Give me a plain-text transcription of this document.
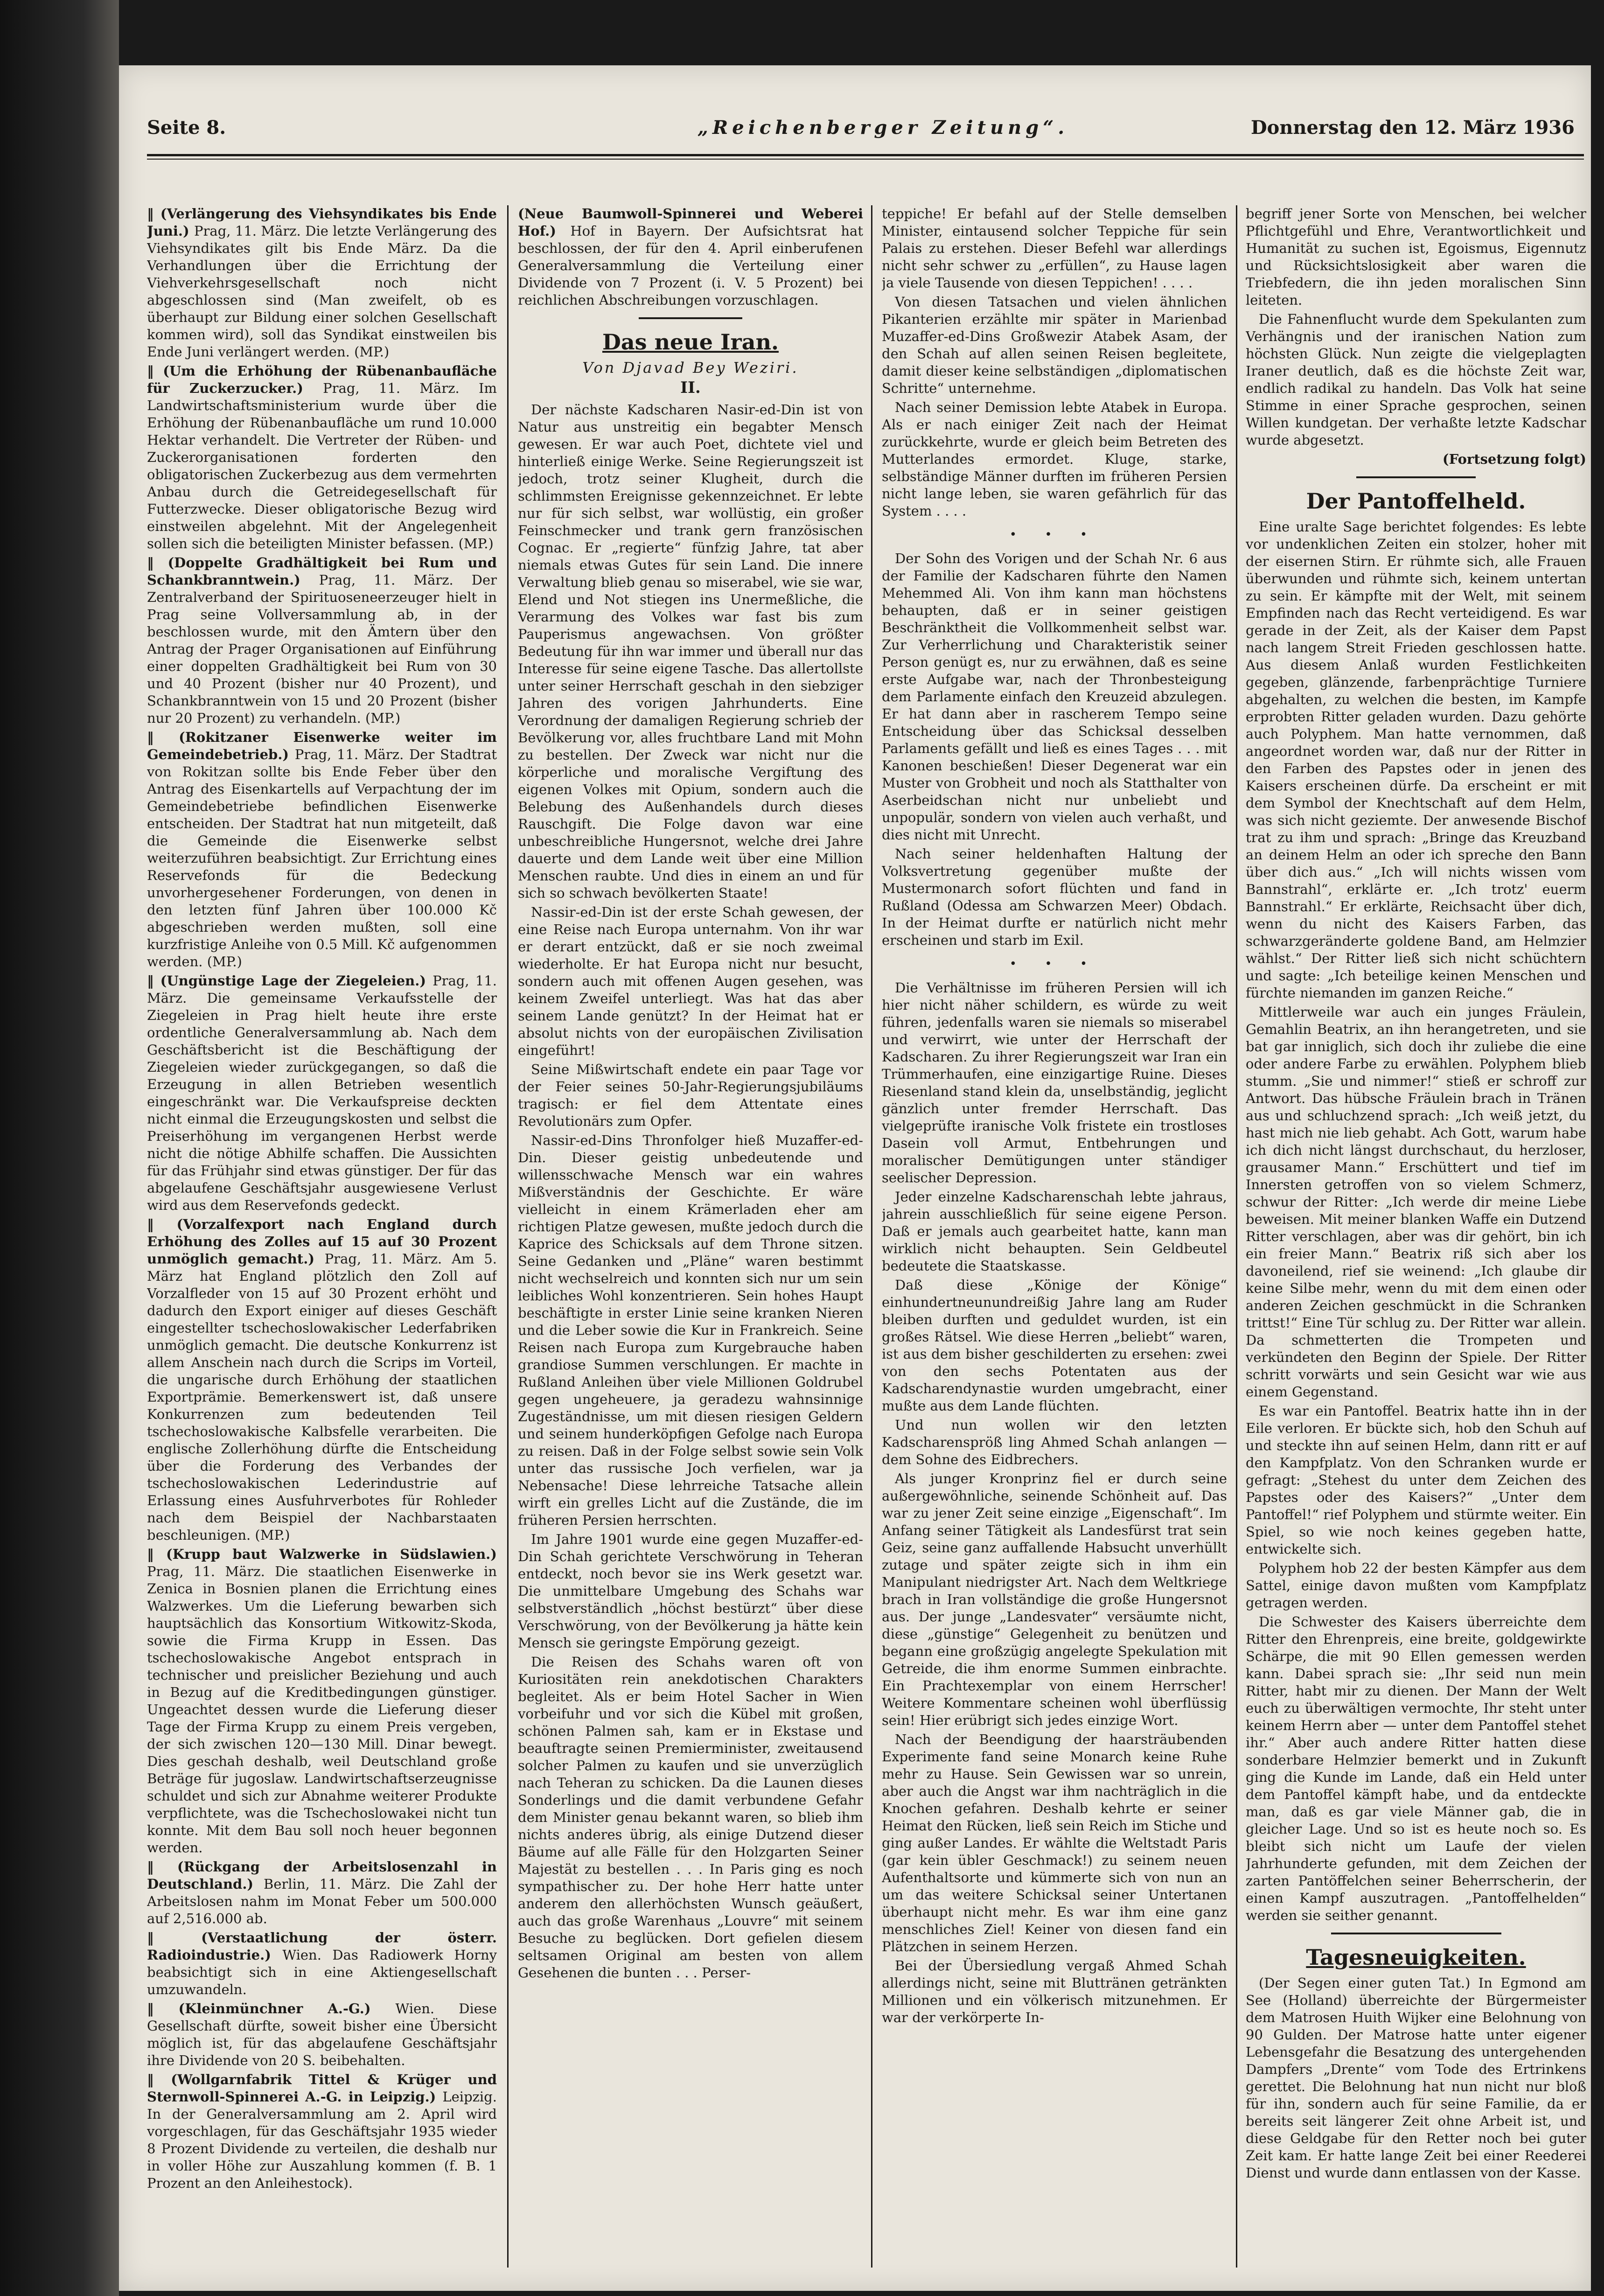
Seite 8.	„Reichenberger Zeitung“.	Donnerstag den 12. März 1936

‖ (Verlängerung des Viehsyndikates bis Ende Juni.) Prag, 11. März. Die letzte Verlängerung des Viehsyndikates gilt bis Ende März. Da die Verhandlungen über die Errichtung der Viehverkehrsgesellschaft noch nicht abgeschlossen sind (Man zweifelt, ob es überhaupt zur Bildung einer solchen Gesellschaft kommen wird), soll das Syndikat einstweilen bis Ende Juni verlängert werden. (MP.)

‖ (Um die Erhöhung der Rübenanbaufläche für Zuckerzucker.) Prag, 11. März. Im Landwirtschaftsministerium wurde über die Erhöhung der Rübenanbaufläche um rund 10.000 Hektar verhandelt. Die Vertreter der Rüben- und Zuckerorganisationen forderten den obligatorischen Zuckerbezug aus dem vermehrten Anbau durch die Getreidegesellschaft für Futterzwecke. Dieser obligatorische Bezug wird einstweilen abgelehnt. Mit der Angelegenheit sollen sich die beteiligten Minister befassen. (MP.)

‖ (Doppelte Gradhältigkeit bei Rum und Schankbranntwein.) Prag, 11. März. Der Zentralverband der Spirituoseneerzeuger hielt in Prag seine Vollversammlung ab, in der beschlossen wurde, mit den Ämtern über den Antrag der Prager Organisationen auf Einführung einer doppelten Gradhältigkeit bei Rum von 30 und 40 Prozent (bisher nur 40 Prozent), und Schankbranntwein von 15 und 20 Prozent (bisher nur 20 Prozent) zu verhandeln. (MP.)

‖ (Rokitzaner Eisenwerke weiter im Gemeindebetrieb.) Prag, 11. März. Der Stadtrat von Rokitzan sollte bis Ende Feber über den Antrag des Eisenkartells auf Verpachtung der im Gemeindebetriebe befindlichen Eisenwerke entscheiden. Der Stadtrat hat nun mitgeteilt, daß die Gemeinde die Eisenwerke selbst weiterzuführen beabsichtigt. Zur Errichtung eines Reservefonds für die Bedeckung unvorhergesehener Forderungen, von denen in den letzten fünf Jahren über 100.000 Kč abgeschrieben werden mußten, soll eine kurzfristige Anleihe von 0.5 Mill. Kč aufgenommen werden. (MP.)

‖ (Ungünstige Lage der Ziegeleien.) Prag, 11. März. Die gemeinsame Verkaufsstelle der Ziegeleien in Prag hielt heute ihre erste ordentliche Generalversammlung ab. Nach dem Geschäftsbericht ist die Beschäftigung der Ziegeleien wieder zurückgegangen, so daß die Erzeugung in allen Betrieben wesentlich eingeschränkt war. Die Verkaufspreise deckten nicht einmal die Erzeugungskosten und selbst die Preiserhöhung im vergangenen Herbst werde nicht die nötige Abhilfe schaffen. Die Aussichten für das Frühjahr sind etwas günstiger. Der für das abgelaufene Geschäftsjahr ausgewiesene Verlust wird aus dem Reservefonds gedeckt.

‖ (Vorzalfexport nach England durch Erhöhung des Zolles auf 15 auf 30 Prozent unmöglich gemacht.) Prag, 11. März. Am 5. März hat England plötzlich den Zoll auf Vorzalfleder von 15 auf 30 Prozent erhöht und dadurch den Export einiger auf dieses Geschäft eingestellter tschechoslowakischer Lederfabriken unmöglich gemacht. Die deutsche Konkurrenz ist allem Anschein nach durch die Scrips im Vorteil, die ungarische durch Erhöhung der staatlichen Exportprämie. Bemerkenswert ist, daß unsere Konkurrenzen zum bedeutenden Teil tschechoslowakische Kalbsfelle verarbeiten. Die englische Zollerhöhung dürfte die Entscheidung über die Forderung des Verbandes der tschechoslowakischen Lederindustrie auf Erlassung eines Ausfuhrverbotes für Rohleder nach dem Beispiel der Nachbarstaaten beschleunigen. (MP.)

‖ (Krupp baut Walzwerke in Südslawien.) Prag, 11. März. Die staatlichen Eisenwerke in Zenica in Bosnien planen die Errichtung eines Walzwerkes. Um die Lieferung bewarben sich hauptsächlich das Konsortium Witkowitz-Skoda, sowie die Firma Krupp in Essen. Das tschechoslowakische Angebot entsprach in technischer und preislicher Beziehung und auch in Bezug auf die Kreditbedingungen günstiger. Ungeachtet dessen wurde die Lieferung dieser Tage der Firma Krupp zu einem Preis vergeben, der sich zwischen 120—130 Mill. Dinar bewegt. Dies geschah deshalb, weil Deutschland große Beträge für jugoslaw. Landwirtschaftserzeugnisse schuldet und sich zur Abnahme weiterer Produkte verpflichtete, was die Tschechoslowakei nicht tun konnte. Mit dem Bau soll noch heuer begonnen werden.

‖ (Rückgang der Arbeitslosenzahl in Deutschland.) Berlin, 11. März. Die Zahl der Arbeitslosen nahm im Monat Feber um 500.000 auf 2,516.000 ab.

‖ (Verstaatlichung der österr. Radioindustrie.) Wien. Das Radiowerk Horny beabsichtigt sich in eine Aktiengesellschaft umzuwandeln.

‖ (Kleinmünchner A.-G.) Wien. Diese Gesellschaft dürfte, soweit bisher eine Übersicht möglich ist, für das abgelaufene Geschäftsjahr ihre Dividende von 20 S. beibehalten.

‖ (Wollgarnfabrik Tittel & Krüger und Sternwoll-Spinnerei A.-G. in Leipzig.) Leipzig. In der Generalversammlung am 2. April wird vorgeschlagen, für das Geschäftsjahr 1935 wieder 8 Prozent Dividende zu verteilen, die deshalb nur in voller Höhe zur Auszahlung kommen (f. B. 1 Prozent an den Anleihestock).

(Neue Baumwoll-Spinnerei und Weberei Hof.) Hof in Bayern. Der Aufsichtsrat hat beschlossen, der für den 4. April einberufenen Generalversammlung die Verteilung einer Dividende von 7 Prozent (i. V. 5 Prozent) bei reichlichen Abschreibungen vorzuschlagen.

Das neue Iran.
Von Djavad Bey Weziri.
II.

Der nächste Kadscharen Nasir-ed-Din ist von Natur aus unstreitig ein begabter Mensch gewesen. Er war auch Poet, dichtete viel und hinterließ einige Werke. Seine Regierungszeit ist jedoch, trotz seiner Klugheit, durch die schlimmsten Ereignisse gekennzeichnet. Er lebte nur für sich selbst, war wollüstig, ein großer Feinschmecker und trank gern französischen Cognac. Er „regierte“ fünfzig Jahre, tat aber niemals etwas Gutes für sein Land. Die innere Verwaltung blieb genau so miserabel, wie sie war, Elend und Not stiegen ins Unermeßliche, die Verarmung des Volkes war fast bis zum Pauperismus angewachsen. Von größter Bedeutung für ihn war immer und überall nur das Interesse für seine eigene Tasche. Das allertollste unter seiner Herrschaft geschah in den siebziger Jahren des vorigen Jahrhunderts. Eine Verordnung der damaligen Regierung schrieb der Bevölkerung vor, alles fruchtbare Land mit Mohn zu bestellen. Der Zweck war nicht nur die körperliche und moralische Vergiftung des eigenen Volkes mit Opium, sondern auch die Belebung des Außenhandels durch dieses Rauschgift. Die Folge davon war eine unbeschreibliche Hungersnot, welche drei Jahre dauerte und dem Lande weit über eine Million Menschen raubte. Und dies in einem an und für sich so schwach bevölkerten Staate!

Nassir-ed-Din ist der erste Schah gewesen, der eine Reise nach Europa unternahm. Von ihr war er derart entzückt, daß er sie noch zweimal wiederholte. Er hat Europa nicht nur besucht, sondern auch mit offenen Augen gesehen, was keinem Zweifel unterliegt. Was hat das aber seinem Lande genützt? In der Heimat hat er absolut nichts von der europäischen Zivilisation eingeführt!

Seine Mißwirtschaft endete ein paar Tage vor der Feier seines 50-Jahr-Regierungsjubiläums tragisch: er fiel dem Attentate eines Revolutionärs zum Opfer.

Nassir-ed-Dins Thronfolger hieß Muzaffer-ed-Din. Dieser geistig unbedeutende und willensschwache Mensch war ein wahres Mißverständnis der Geschichte. Er wäre vielleicht in einem Krämerladen eher am richtigen Platze gewesen, mußte jedoch durch die Kaprice des Schicksals auf dem Throne sitzen. Seine Gedanken und „Pläne“ waren bestimmt nicht wechselreich und konnten sich nur um sein leibliches Wohl konzentrieren. Sein hohes Haupt beschäftigte in erster Linie seine kranken Nieren und die Leber sowie die Kur in Frankreich. Seine Reisen nach Europa zum Kurgebrauche haben grandiose Summen verschlungen. Er machte in Rußland Anleihen über viele Millionen Goldrubel gegen ungeheuere, ja geradezu wahnsinnige Zugeständnisse, um mit diesen riesigen Geldern und seinem hunderköpfigen Gefolge nach Europa zu reisen. Daß in der Folge selbst sowie sein Volk unter das russische Joch verfielen, war ja Nebensache! Diese lehrreiche Tatsache allein wirft ein grelles Licht auf die Zustände, die im früheren Persien herrschten.

Im Jahre 1901 wurde eine gegen Muzaffer-ed-Din Schah gerichtete Verschwörung in Teheran entdeckt, noch bevor sie ins Werk gesetzt war. Die unmittelbare Umgebung des Schahs war selbstverständlich „höchst bestürzt“ über diese Verschwörung, von der Bevölkerung ja hätte kein Mensch sie geringste Empörung gezeigt.

Die Reisen des Schahs waren oft von Kuriositäten rein anekdotischen Charakters begleitet. Als er beim Hotel Sacher in Wien vorbeifuhr und vor sich die Kübel mit großen, schönen Palmen sah, kam er in Ekstase und beauftragte seinen Premierminister, zweitausend solcher Palmen zu kaufen und sie unverzüglich nach Teheran zu schicken. Da die Launen dieses Sonderlings und die damit verbundene Gefahr dem Minister genau bekannt waren, so blieb ihm nichts anderes übrig, als einige Dutzend dieser Bäume auf alle Fälle für den Holzgarten Seiner Majestät zu bestellen . . . In Paris ging es noch sympathischer zu. Der hohe Herr hatte unter anderem den allerhöchsten Wunsch geäußert, auch das große Warenhaus „Louvre“ mit seinem Besuche zu beglücken. Dort gefielen diesem seltsamen Original am besten von allem Gesehenen die bunten . . . Perser-

teppiche! Er befahl auf der Stelle demselben Minister, eintausend solcher Teppiche für sein Palais zu erstehen. Dieser Befehl war allerdings nicht sehr schwer zu „erfüllen“, zu Hause lagen ja viele Tausende von diesen Teppichen! . . . .

Von diesen Tatsachen und vielen ähnlichen Pikanterien erzählte mir später in Marienbad Muzaffer-ed-Dins Großwezir Atabek Asam, der den Schah auf allen seinen Reisen begleitete, damit dieser keine selbständigen „diplomatischen Schritte“ unternehme.

Nach seiner Demission lebte Atabek in Europa. Als er nach einiger Zeit nach der Heimat zurückkehrte, wurde er gleich beim Betreten des Mutterlandes ermordet. Kluge, starke, selbständige Männer durften im früheren Persien nicht lange leben, sie waren gefährlich für das System . . . .

• • •

Der Sohn des Vorigen und der Schah Nr. 6 aus der Familie der Kadscharen führte den Namen Mehemmed Ali. Von ihm kann man höchstens behaupten, daß er in seiner geistigen Beschränktheit die Vollkommenheit selbst war. Zur Verherrlichung und Charakteristik seiner Person genügt es, nur zu erwähnen, daß es seine erste Aufgabe war, nach der Thronbesteigung dem Parlamente einfach den Kreuzeid abzulegen. Er hat dann aber in rascherem Tempo seine Entscheidung über das Schicksal desselben Parlaments gefällt und ließ es eines Tages . . . mit Kanonen beschießen! Dieser Degenerat war ein Muster von Grobheit und noch als Statthalter von Aserbeidschan nicht nur unbeliebt und unpopulär, sondern von vielen auch verhaßt, und dies nicht mit Unrecht.

Nach seiner heldenhaften Haltung der Volksvertretung gegenüber mußte der Mustermonarch sofort flüchten und fand in Rußland (Odessa am Schwarzen Meer) Obdach. In der Heimat durfte er natürlich nicht mehr erscheinen und starb im Exil.

• • •

Die Verhältnisse im früheren Persien will ich hier nicht näher schildern, es würde zu weit führen, jedenfalls waren sie niemals so miserabel und verwirrt, wie unter der Herrschaft der Kadscharen. Zu ihrer Regierungszeit war Iran ein Trümmerhaufen, eine einzigartige Ruine. Dieses Riesenland stand klein da, unselbständig, jeglicht gänzlich unter fremder Herrschaft. Das vielgeprüfte iranische Volk fristete ein trostloses Dasein voll Armut, Entbehrungen und moralischer Demütigungen unter ständiger seelischer Depression.

Jeder einzelne Kadscharenschah lebte jahraus, jahrein ausschließlich für seine eigene Person. Daß er jemals auch gearbeitet hatte, kann man wirklich nicht behaupten. Sein Geldbeutel bedeutete die Staatskasse.

Daß diese „Könige der Könige“ einhundertneunundreißig Jahre lang am Ruder bleiben durften und geduldet wurden, ist ein großes Rätsel. Wie diese Herren „beliebt“ waren, ist aus dem bisher geschilderten zu ersehen: zwei von den sechs Potentaten aus der Kadscharendynastie wurden umgebracht, einer mußte aus dem Lande flüchten.

Und nun wollen wir den letzten Kadscharenspröß ling Ahmed Schah anlangen — dem Sohne des Eidbrechers.

Als junger Kronprinz fiel er durch seine außergewöhnliche, seinende Schönheit auf. Das war zu jener Zeit seine einzige „Eigenschaft“. Im Anfang seiner Tätigkeit als Landesfürst trat sein Geiz, seine ganz auffallende Habsucht unverhüllt zutage und später zeigte sich in ihm ein Manipulant niedrigster Art. Nach dem Weltkriege brach in Iran vollständige die große Hungersnot aus. Der junge „Landesvater“ versäumte nicht, diese „günstige“ Gelegenheit zu benützen und begann eine großzügig angelegte Spekulation mit Getreide, die ihm enorme Summen einbrachte. Ein Prachtexemplar von einem Herrscher! Weitere Kommentare scheinen wohl überflüssig sein! Hier erübrigt sich jedes einzige Wort.

Nach der Beendigung der haarsträubenden Experimente fand seine Monarch keine Ruhe mehr zu Hause. Sein Gewissen war so unrein, aber auch die Angst war ihm nachträglich in die Knochen gefahren. Deshalb kehrte er seiner Heimat den Rücken, ließ sein Reich im Stiche und ging außer Landes. Er wählte die Weltstadt Paris (gar kein übler Geschmack!) zu seinem neuen Aufenthaltsorte und kümmerte sich von nun an um das weitere Schicksal seiner Untertanen überhaupt nicht mehr. Es war ihm eine ganz menschliches Ziel! Keiner von diesen fand ein Plätzchen in seinem Herzen.

Bei der Übersiedlung vergaß Ahmed Schah allerdings nicht, seine mit Bluttränen getränkten Millionen und ein völkerisch mitzunehmen. Er war der verkörperte In-

begriff jener Sorte von Menschen, bei welcher Pflichtgefühl und Ehre, Verantwortlichkeit und Humanität zu suchen ist, Egoismus, Eigennutz und Rücksichtslosigkeit aber waren die Triebfedern, die ihn jeden moralischen Sinn leiteten.

Die Fahnenflucht wurde dem Spekulanten zum Verhängnis und der iranischen Nation zum höchsten Glück. Nun zeigte die vielgeplagten Iraner deutlich, daß es die höchste Zeit war, endlich radikal zu handeln. Das Volk hat seine Stimme in einer Sprache gesprochen, seinen Willen kundgetan. Der verhaßte letzte Kadschar wurde abgesetzt.

(Fortsetzung folgt)

Der Pantoffelheld.

Eine uralte Sage berichtet folgendes: Es lebte vor undenklichen Zeiten ein stolzer, hoher mit der eisernen Stirn. Er rühmte sich, alle Frauen überwunden und rühmte sich, keinem untertan zu sein. Er kämpfte mit der Welt, mit seinem Empfinden nach das Recht verteidigend. Es war gerade in der Zeit, als der Kaiser dem Papst nach langem Streit Frieden geschlossen hatte. Aus diesem Anlaß wurden Festlichkeiten gegeben, glänzende, farbenprächtige Turniere abgehalten, zu welchen die besten, im Kampfe erprobten Ritter geladen wurden. Dazu gehörte auch Polyphem. Man hatte vernommen, daß angeordnet worden war, daß nur der Ritter in den Farben des Papstes oder in jenen des Kaisers erscheinen dürfe. Da erscheint er mit dem Symbol der Knechtschaft auf dem Helm, was sich nicht geziemte. Der anwesende Bischof trat zu ihm und sprach: „Bringe das Kreuzband an deinem Helm an oder ich spreche den Bann über dich aus.“ „Ich will nichts wissen vom Bannstrahl“, erklärte er. „Ich trotz' euerm Bannstrahl.“ Er erklärte, Reichsacht über dich, wenn du nicht des Kaisers Farben, das schwarzgeränderte goldene Band, am Helmzier wählst.“ Der Ritter ließ sich nicht schüchtern und sagte: „Ich beteilige keinen Menschen und fürchte niemanden im ganzen Reiche.“

Mittlerweile war auch ein junges Fräulein, Gemahlin Beatrix, an ihn herangetreten, und sie bat gar inniglich, sich doch ihr zuliebe die eine oder andere Farbe zu erwählen. Polyphem blieb stumm. „Sie und nimmer!“ stieß er schroff zur Antwort. Das hübsche Fräulein brach in Tränen aus und schluchzend sprach: „Ich weiß jetzt, du hast mich nie lieb gehabt. Ach Gott, warum habe ich dich nicht längst durchschaut, du herzloser, grausamer Mann.“ Erschüttert und tief im Innersten getroffen von so vielem Schmerz, schwur der Ritter: „Ich werde dir meine Liebe beweisen. Mit meiner blanken Waffe ein Dutzend Ritter verschlagen, aber was dir gehört, bin ich ein freier Mann.“ Beatrix riß sich aber los davoneilend, rief sie weinend: „Ich glaube dir keine Silbe mehr, wenn du mit dem einen oder anderen Zeichen geschmückt in die Schranken trittst!“ Eine Tür schlug zu. Der Ritter war allein. Da schmetterten die Trompeten und verkündeten den Beginn der Spiele. Der Ritter schritt vorwärts und sein Gesicht war wie aus einem Gegenstand.

Es war ein Pantoffel. Beatrix hatte ihn in der Eile verloren. Er bückte sich, hob den Schuh auf und steckte ihn auf seinen Helm, dann ritt er auf den Kampfplatz. Von den Schranken wurde er gefragt: „Stehest du unter dem Zeichen des Papstes oder des Kaisers?“ „Unter dem Pantoffel!“ rief Polyphem und stürmte weiter. Ein Spiel, so wie noch keines gegeben hatte, entwickelte sich.

Polyphem hob 22 der besten Kämpfer aus dem Sattel, einige davon mußten vom Kampfplatz getragen werden.

Die Schwester des Kaisers überreichte dem Ritter den Ehrenpreis, eine breite, goldgewirkte Schärpe, die mit 90 Ellen gemessen werden kann. Dabei sprach sie: „Ihr seid nun mein Ritter, habt mir zu dienen. Der Mann der Welt euch zu überwältigen vermochte, Ihr steht unter keinem Herrn aber — unter dem Pantoffel stehet ihr.“ Aber auch andere Ritter hatten diese sonderbare Helmzier bemerkt und in Zukunft ging die Kunde im Lande, daß ein Held unter dem Pantoffel kämpft habe, und da entdeckte man, daß es gar viele Männer gab, die in gleicher Lage. Und so ist es heute noch so. Es bleibt sich nicht um Laufe der vielen Jahrhunderte gefunden, mit dem Zeichen der zarten Pantöffelchen seiner Beherrscherin, der einen Kampf auszutragen. „Pantoffelhelden“ werden sie seither genannt.

Tagesneuigkeiten.

(Der Segen einer guten Tat.) In Egmond am See (Holland) überreichte der Bürgermeister dem Matrosen Huith Wijker eine Belohnung von 90 Gulden. Der Matrose hatte unter eigener Lebensgefahr die Besatzung des untergehenden Dampfers „Drente“ vom Tode des Ertrinkens gerettet. Die Belohnung hat nun nicht nur bloß für ihn, sondern auch für seine Familie, da er bereits seit längerer Zeit ohne Arbeit ist, und diese Geldgabe für den Retter noch bei guter Zeit kam. Er hatte lange Zeit bei einer Reederei Dienst und wurde dann entlassen von der Kasse.
